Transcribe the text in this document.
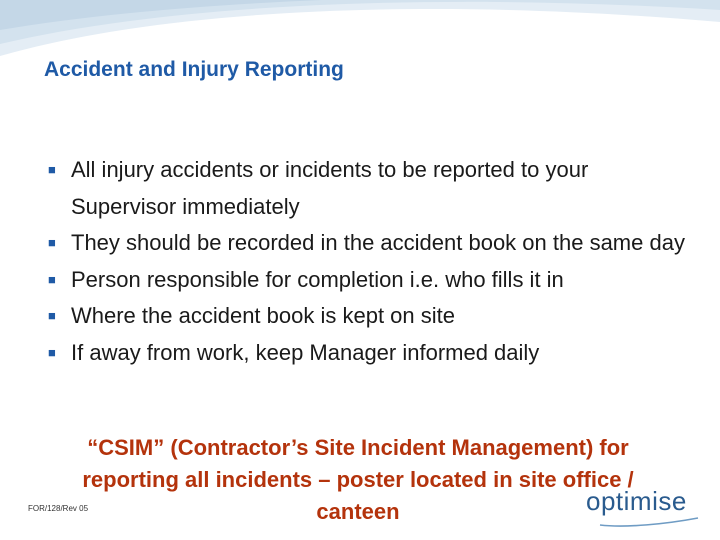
Accident and Injury Reporting
■ All injury accidents or incidents to be reported to your Supervisor immediately
■ They should be recorded in the accident book on the same day
■ Person responsible for completion i.e. who fills it in
■ Where the accident book is kept on site
■ If away from work, keep Manager informed daily
“CSIM” (Contractor’s Site Incident Management) for reporting all incidents – poster located in site office / canteen
FOR/128/Rev 05	optimise
